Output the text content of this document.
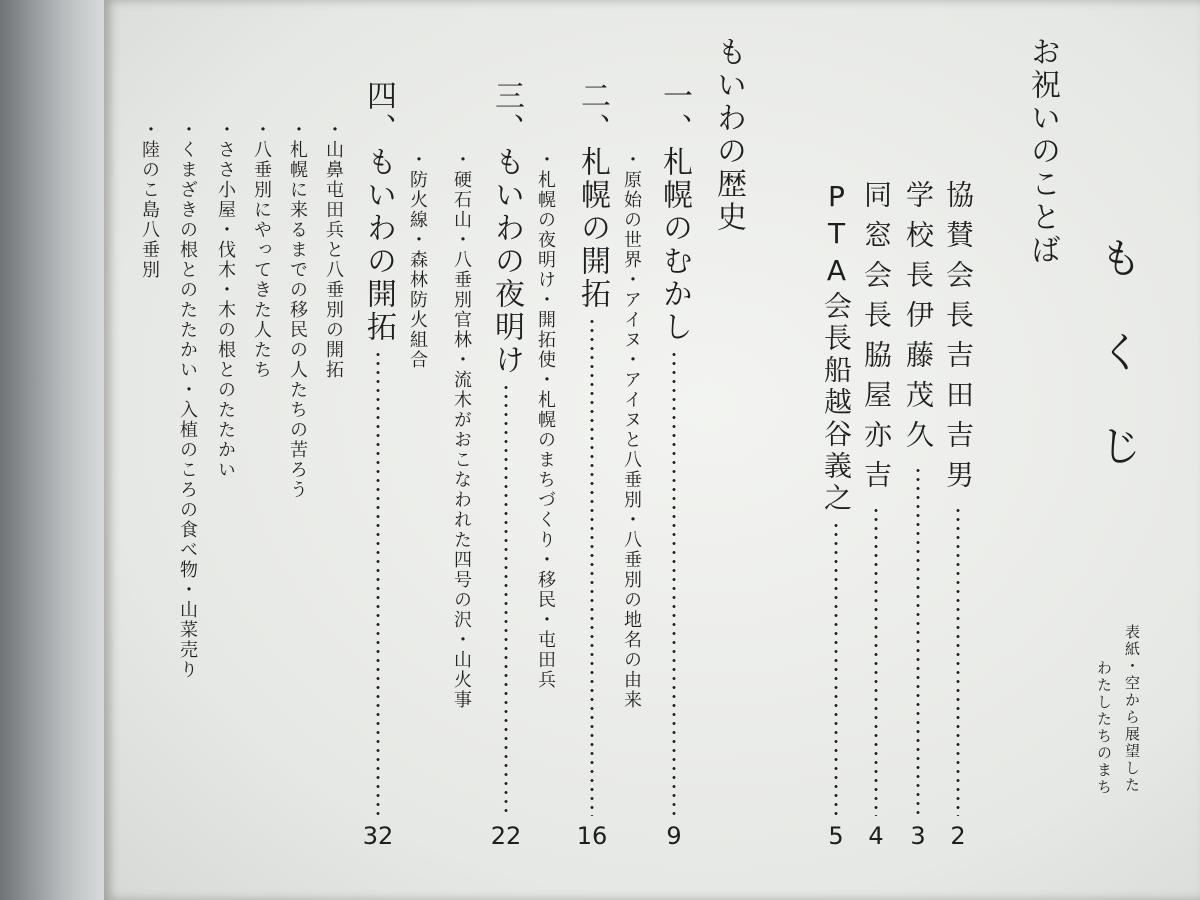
もくじ

表紙・空から展望した

わたしたちのまち

お祝いのことば

協賛会長吉田吉男
2
学校長伊藤茂久
3
同窓会長脇屋亦吉
4
PTA会長船越谷義之
5

もいわの歴史

一、札幌のむかし
9

・原始の世界・アイヌ・アイヌと八垂別・八垂別の地名の由来

二、札幌の開拓
16

・札幌の夜明け・開拓使・札幌のまちづくり・移民・屯田兵

三、もいわの夜明け
22

・硬石山・八垂別官林・流木がおこなわれた四号の沢・山火事

・防火線・森林防火組合

四、もいわの開拓
32

・山鼻屯田兵と八垂別の開拓

・札幌に来るまでの移民の人たちの苦ろう

・八垂別にやってきた人たち

・ささ小屋・伐木・木の根とのたたかい

・くまざきの根とのたたかい・入植のころの食べ物・山菜売り

・陸のこ島八垂別
